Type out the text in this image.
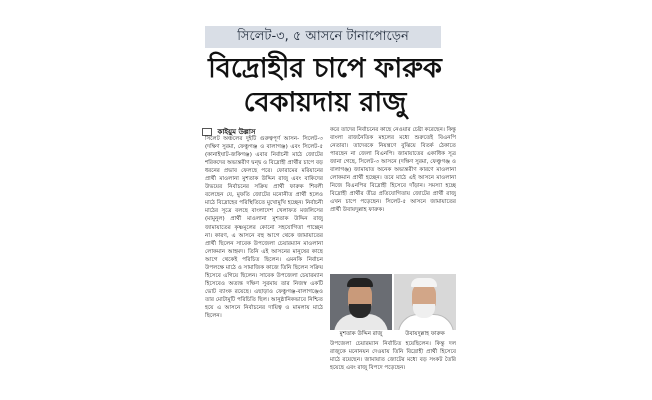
সিলেট-৩, ৫ আসনে টানাপোড়েন
বিদ্রোহীর চাপে ফারুক
বেকায়দায় রাজু
কাইয়ুম উল্লাস

সিলেট অঞ্চলের দুইটি গুরুত্বপূর্ণ আসন- সিলেট-৩ (দক্ষিণ সুরমা, ফেঞ্চুগঞ্জ ও বালাগঞ্জ) এবং সিলেট-৫ (কানাইঘাট-জকিগঞ্জ) এবার নির্বাচনী মাঠে জোটের শরিকদের অভ্যন্তরীণ দ্বন্দ্ব ও বিদ্রোহী প্রার্থীর চাপে বড় ধরনের প্রভাব ফেলছে পরে। ফোরামের মরিয়ানের প্রার্থী মাওলানা মুশতাক উদ্দিন রাজু এবং বাকিদের উভয়ের নির্বাচনের সক্রিয় প্রার্থী ফারুক শিবলী বলেছেন যে, মুফতি জোটের মনোনীত প্রার্থী হলেও মাঠে বিদ্রোহের পরিস্থিতিতে মুখোমুখি হচ্ছেন। নির্বাচনী মাঠের সূত্রে বলছে বাংলাদেশ খেলাফত মজলিসের (মামুনুল) প্রার্থী মাওলানা মুশতাক উদ্দিন রাজু জামায়াতের কৃষ্ণমূলের কোনো সহযোগিতা পাচ্ছেন না। কারণ, এ আসনে বহু আগে থেকে জামায়াতের প্রার্থী ছিলেন সাবেক উপজেলা চেয়ারম্যান মাওলানা লোকমান আহমদ। তিনি এই আসনের মানুষের কাছে আগে থেকেই পরিচিত ছিলেন। এমনকি নির্বাচন উপলক্ষে মাঠে ও সামাজিক কাজে তিনি ছিলেন সক্রিয় হিসেবে এগিয়ে ছিলেন। সাবেক উপজেলা চেয়ারম্যান হিসেবেও অত্যন্ত দক্ষিণ সুরমায় তার নিজস্ব একটি ভোট ব্যাংক রয়েছে। এছাড়াও ফেঞ্চুগঞ্জ-বালাগঞ্জেও তার মোটামুটি পরিচিতি ছিল। আনুষ্ঠানিকভাবে নিশ্চিত হয়ে এ আসনে নির্বাচনের দায়িত্ব ও মামলায় মাঠে ছিলেন।

করে তাদের নির্বাচনের কাছে নেওয়ার চেষ্টা করেছেন। কিন্তু বাংলা রাজনৈতিক মহলের মধ্যে শুরুতেই বিএনপি নেতারা। তাদেরকে নিয়ন্ত্রণে বুঝিয়ে বিতর্ক ঠেকাতে পারছেন না জেলা বিএনপি। জামায়াতের একাধিক সূত্র জানা গেছে, সিলেট-৩ আসনে (দক্ষিণ সুরমা, ফেঞ্চুগঞ্জ ও বালাগঞ্জ) জামায়াত অনেক অভ্যন্তরীণ কারণে মাওলানা লোকমান প্রার্থী হচ্ছেন। তবে মাঠে এই আসনে মাওলানা নিজে বিএনপির বিদ্রোহী হিসেবে দাঁড়ান। সমস্যা হচ্ছে বিদ্রোহী প্রার্থীর তীব্র প্রতিযোগিতায় জোটের প্রার্থী রাজু এখন চাপে পড়েছেন। সিলেট-৫ আসনে জামায়াতের প্রার্থী উবায়দুল্লাহ ফারুক।

মুশতাক উদ্দিন রাজু	উবায়দুল্লাহ ফারুক

উপজেলা চেয়ারম্যান নির্বাচিত হয়েছিলেন। কিন্তু দল রাজুকে মনোনয়ন দেওয়ায় তিনি বিদ্রোহী প্রার্থী হিসেবে মাঠে রয়েছেন। জামায়াত জোটের মধ্যে বড় সংকট তৈরি হয়েছে এবং রাজু বিপদে পড়েছেন।
